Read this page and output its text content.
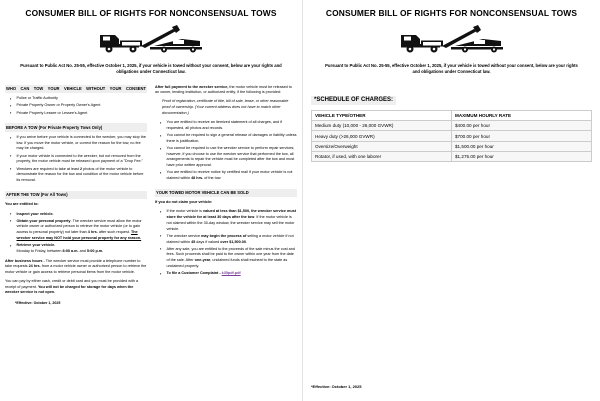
CONSUMER BILL OF RIGHTS FOR NONCONSENSUAL TOWS
Pursuant to Public Act No. 25-55, effective October 1, 2025, if your vehicle is towed without your consent, below are your rights and obligations under Connecticut law.
WHO CAN TOW YOUR VEHICLE WITHOUT YOUR CONSENT
▪ Police or Traffic Authority
▪ Private Property Owner or Property Owner's Agent
▪ Private Property Lessee or Lessee's Agent
BEFORE A TOW (For Private Property Tows Only)
▪ If you arrive before your vehicle is connected to the wrecker, you may stop the tow. If you move the motor vehicle, or correct the reason for the tow, no fee may be charged.
▪ If your motor vehicle is connected to the wrecker, but not removed from the property, the motor vehicle must be released upon payment of a "Drop Fee."
▪ Wreckers are required to take at least 2 photos of the motor vehicle to demonstrate the reason for the tow and condition of the motor vehicle before its removal.
AFTER THE TOW (For All Tows)

You are entitled to:

▪ Inspect your vehicle.
▪ Obtain your personal property. The wrecker service must allow the motor vehicle owner or authorized person to retrieve the motor vehicle (or to gain access to personal property) not later than 4 hrs. after such request. The wrecker service may NOT hold your personal property for any reason.
▪ Retrieve your vehicle.
Monday to Friday, between 8:00 a.m. and 5:00 p.m.

After business hours - The wrecker service must provide a telephone number to take requests 24 hrs. from a motor vehicle owner or authorized person to retrieve the motor vehicle or gain access to retrieve personal items from the motor vehicle.

You can pay by either cash, credit or debit card and you must be provided with a receipt of payment. You will not be charged for storage for days when the wrecker service is not open.

*Effective: October 1, 2025

After full payment to the wrecker service, the motor vehicle must be released to an owner, lending institution, or authorized entity, if the following is provided:

Proof of registration, certificate of title, bill of sale, lease, or other reasonable proof of ownership. (Your current address does not have to match other documentation.)

▪ You are entitled to receive an itemized statement of all charges, and if requested, all photos and records.
▪ You cannot be required to sign a general release of damages or liability unless there is justification.
▪ You cannot be required to use the wrecker service to perform repair services; however, if you choose to use the wrecker service that performed the tow, all arrangements to repair the vehicle must be completed after the tow and must have prior written approval.
▪ You are entitled to receive notice by certified mail if your motor vehicle is not claimed within 48 hrs. of the tow.
YOUR TOWED MOTOR VEHICLE CAN BE SOLD

If you do not claim your vehicle:

▪ If the motor vehicle is valued at less than $1,500, the wrecker service must store the vehicle for at least 30 days after the tow. If the motor vehicle is not claimed within the 30-day window, the wrecker service may sell the motor vehicle.
▪ The wrecker service may begin the process of selling a motor vehicle if not claimed within 45 days if valued over $1,500.00.
▪ After any sale, you are entitled to the proceeds of the sale minus the cost and fees. Such proceeds shall be paid to the owner within one year from the date of the sale. After one-year, unclaimed funds shall escheat to the state as unclaimed property.
▪ To file a Customer Complaint - k35pdf.pdf
CONSUMER BILL OF RIGHTS FOR NONCONSENSUAL TOWS
Pursuant to Public Act No. 25-55, effective October 1, 2025, if your vehicle is towed without your consent, below are your rights and obligations under Connecticut law.
*SCHEDULE OF CHARGES:
VEHICLE TYPE/OTHER	MAXIMUM HOURLY RATE
Medium duty (10,000 - 26,000 GVWR)	$400.00 per hour
Heavy duty (>26,000 GVWR)	$700.00 per hour
Oversize/Overweight	$1,500.00 per hour
Rotator, if used, with one laborer	$1,275.00 per hour
*Effective: October 1, 2025
